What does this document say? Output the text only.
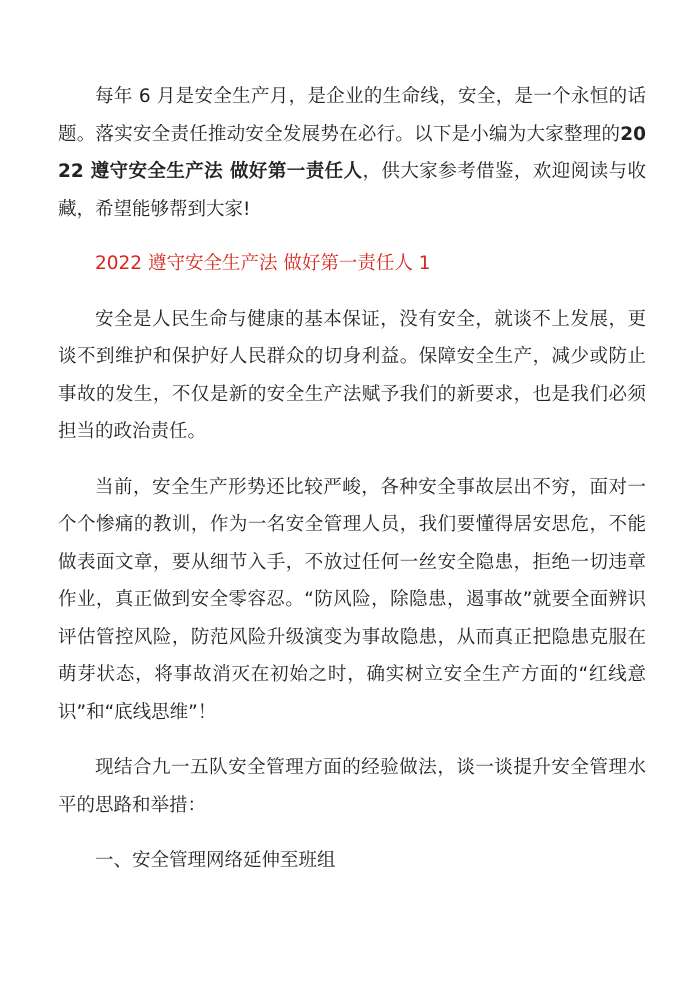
每年 6 月是安全生产月，是企业的生命线，安全，是一个永恒的话题。落实安全责任推动安全发展势在必行。以下是小编为大家整理的2022 遵守安全生产法 做好第一责任人，供大家参考借鉴，欢迎阅读与收藏，希望能够帮到大家!

2022 遵守安全生产法 做好第一责任人 1

安全是人民生命与健康的基本保证，没有安全，就谈不上发展，更谈不到维护和保护好人民群众的切身利益。保障安全生产，减少或防止事故的发生，不仅是新的安全生产法赋予我们的新要求，也是我们必须担当的政治责任。

当前，安全生产形势还比较严峻，各种安全事故层出不穷，面对一个个惨痛的教训，作为一名安全管理人员，我们要懂得居安思危，不能做表面文章，要从细节入手，不放过任何一丝安全隐患，拒绝一切违章作业，真正做到安全零容忍。“防风险，除隐患，遏事故”就要全面辨识评估管控风险，防范风险升级演变为事故隐患，从而真正把隐患克服在萌芽状态，将事故消灭在初始之时，确实树立安全生产方面的“红线意识”和“底线思维”！

现结合九一五队安全管理方面的经验做法，谈一谈提升安全管理水平的思路和举措：

一、安全管理网络延伸至班组
